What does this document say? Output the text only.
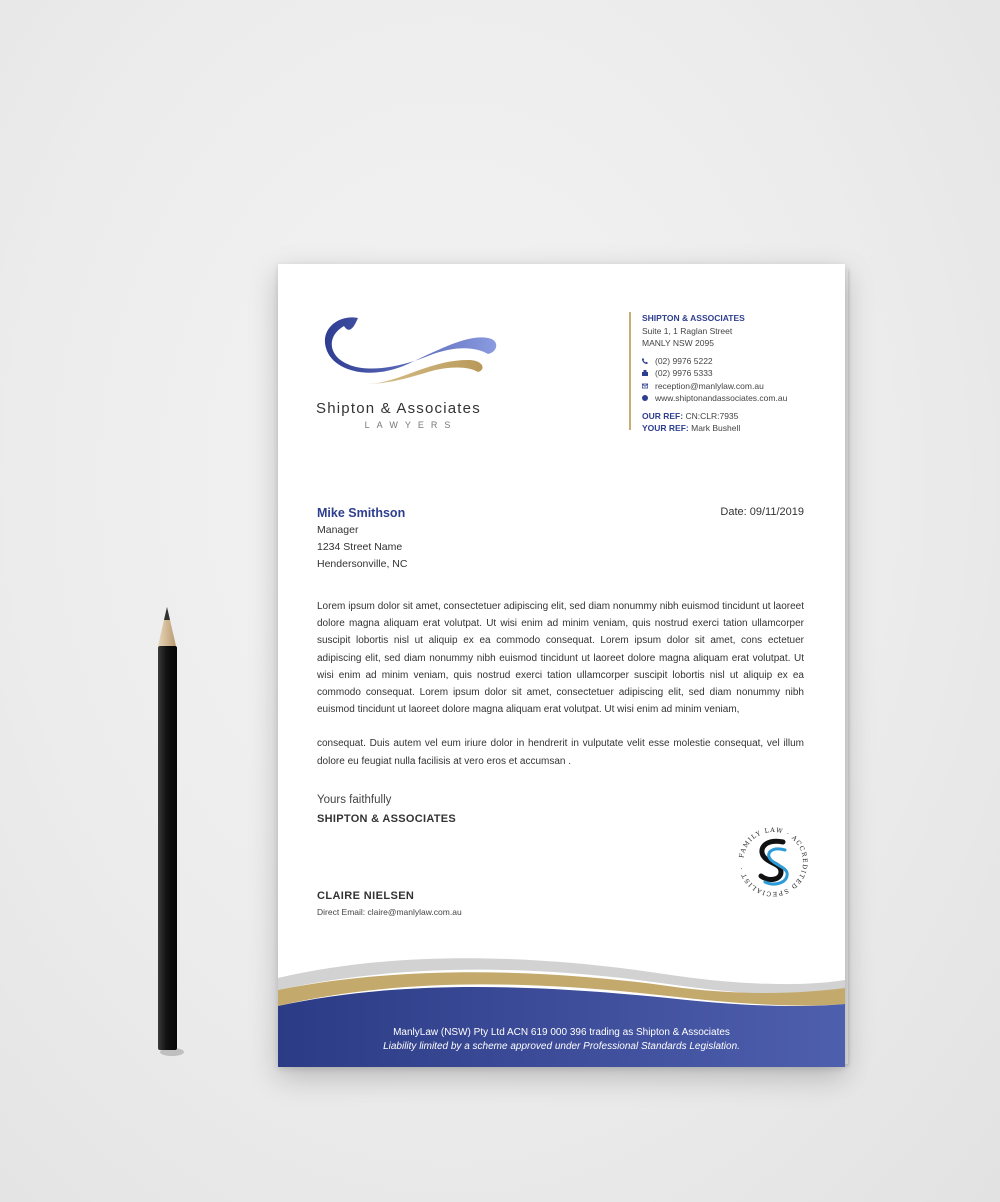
Shipton & Associates
LAWYERS
SHIPTON & ASSOCIATES
Suite 1, 1 Raglan Street
MANLY NSW 2095
(02) 9976 5222
(02) 9976 5333
reception@manlylaw.com.au
www.shiptonandassociates.com.au
OUR REF: CN:CLR:7935
YOUR REF: Mark Bushell
Mike Smithson
Manager
1234 Street Name
Hendersonville, NC
Date: 09/11/2019

Lorem ipsum dolor sit amet, consectetuer adipiscing elit, sed diam nonummy nibh euismod tincidunt ut laoreet dolore magna aliquam erat volutpat. Ut wisi enim ad minim veniam, quis nostrud exerci tation ullamcorper suscipit lobortis nisl ut aliquip ex ea commodo consequat. Lorem ipsum dolor sit amet, cons ectetuer adipiscing elit, sed diam nonummy nibh euismod tincidunt ut laoreet dolore magna aliquam erat volutpat. Ut wisi enim ad minim veniam, quis nostrud exerci tation ullamcorper suscipit lobortis nisl ut aliquip ex ea commodo consequat. Lorem ipsum dolor sit amet, consectetuer adipiscing elit, sed diam nonummy nibh euismod tincidunt ut laoreet dolore magna aliquam erat volutpat. Ut wisi enim ad minim veniam,

consequat. Duis autem vel eum iriure dolor in hendrerit in vulputate velit esse molestie consequat, vel illum dolore eu feugiat nulla facilisis at vero eros et accumsan .

Yours faithfully
SHIPTON & ASSOCIATES
CLAIRE NIELSEN
Direct Email: claire@manlylaw.com.au
FAMILY LAW · ACCREDITED SPECIALIST ·
ManlyLaw (NSW) Pty Ltd ACN 619 000 396 trading as Shipton & Associates
Liability limited by a scheme approved under Professional Standards Legislation.
